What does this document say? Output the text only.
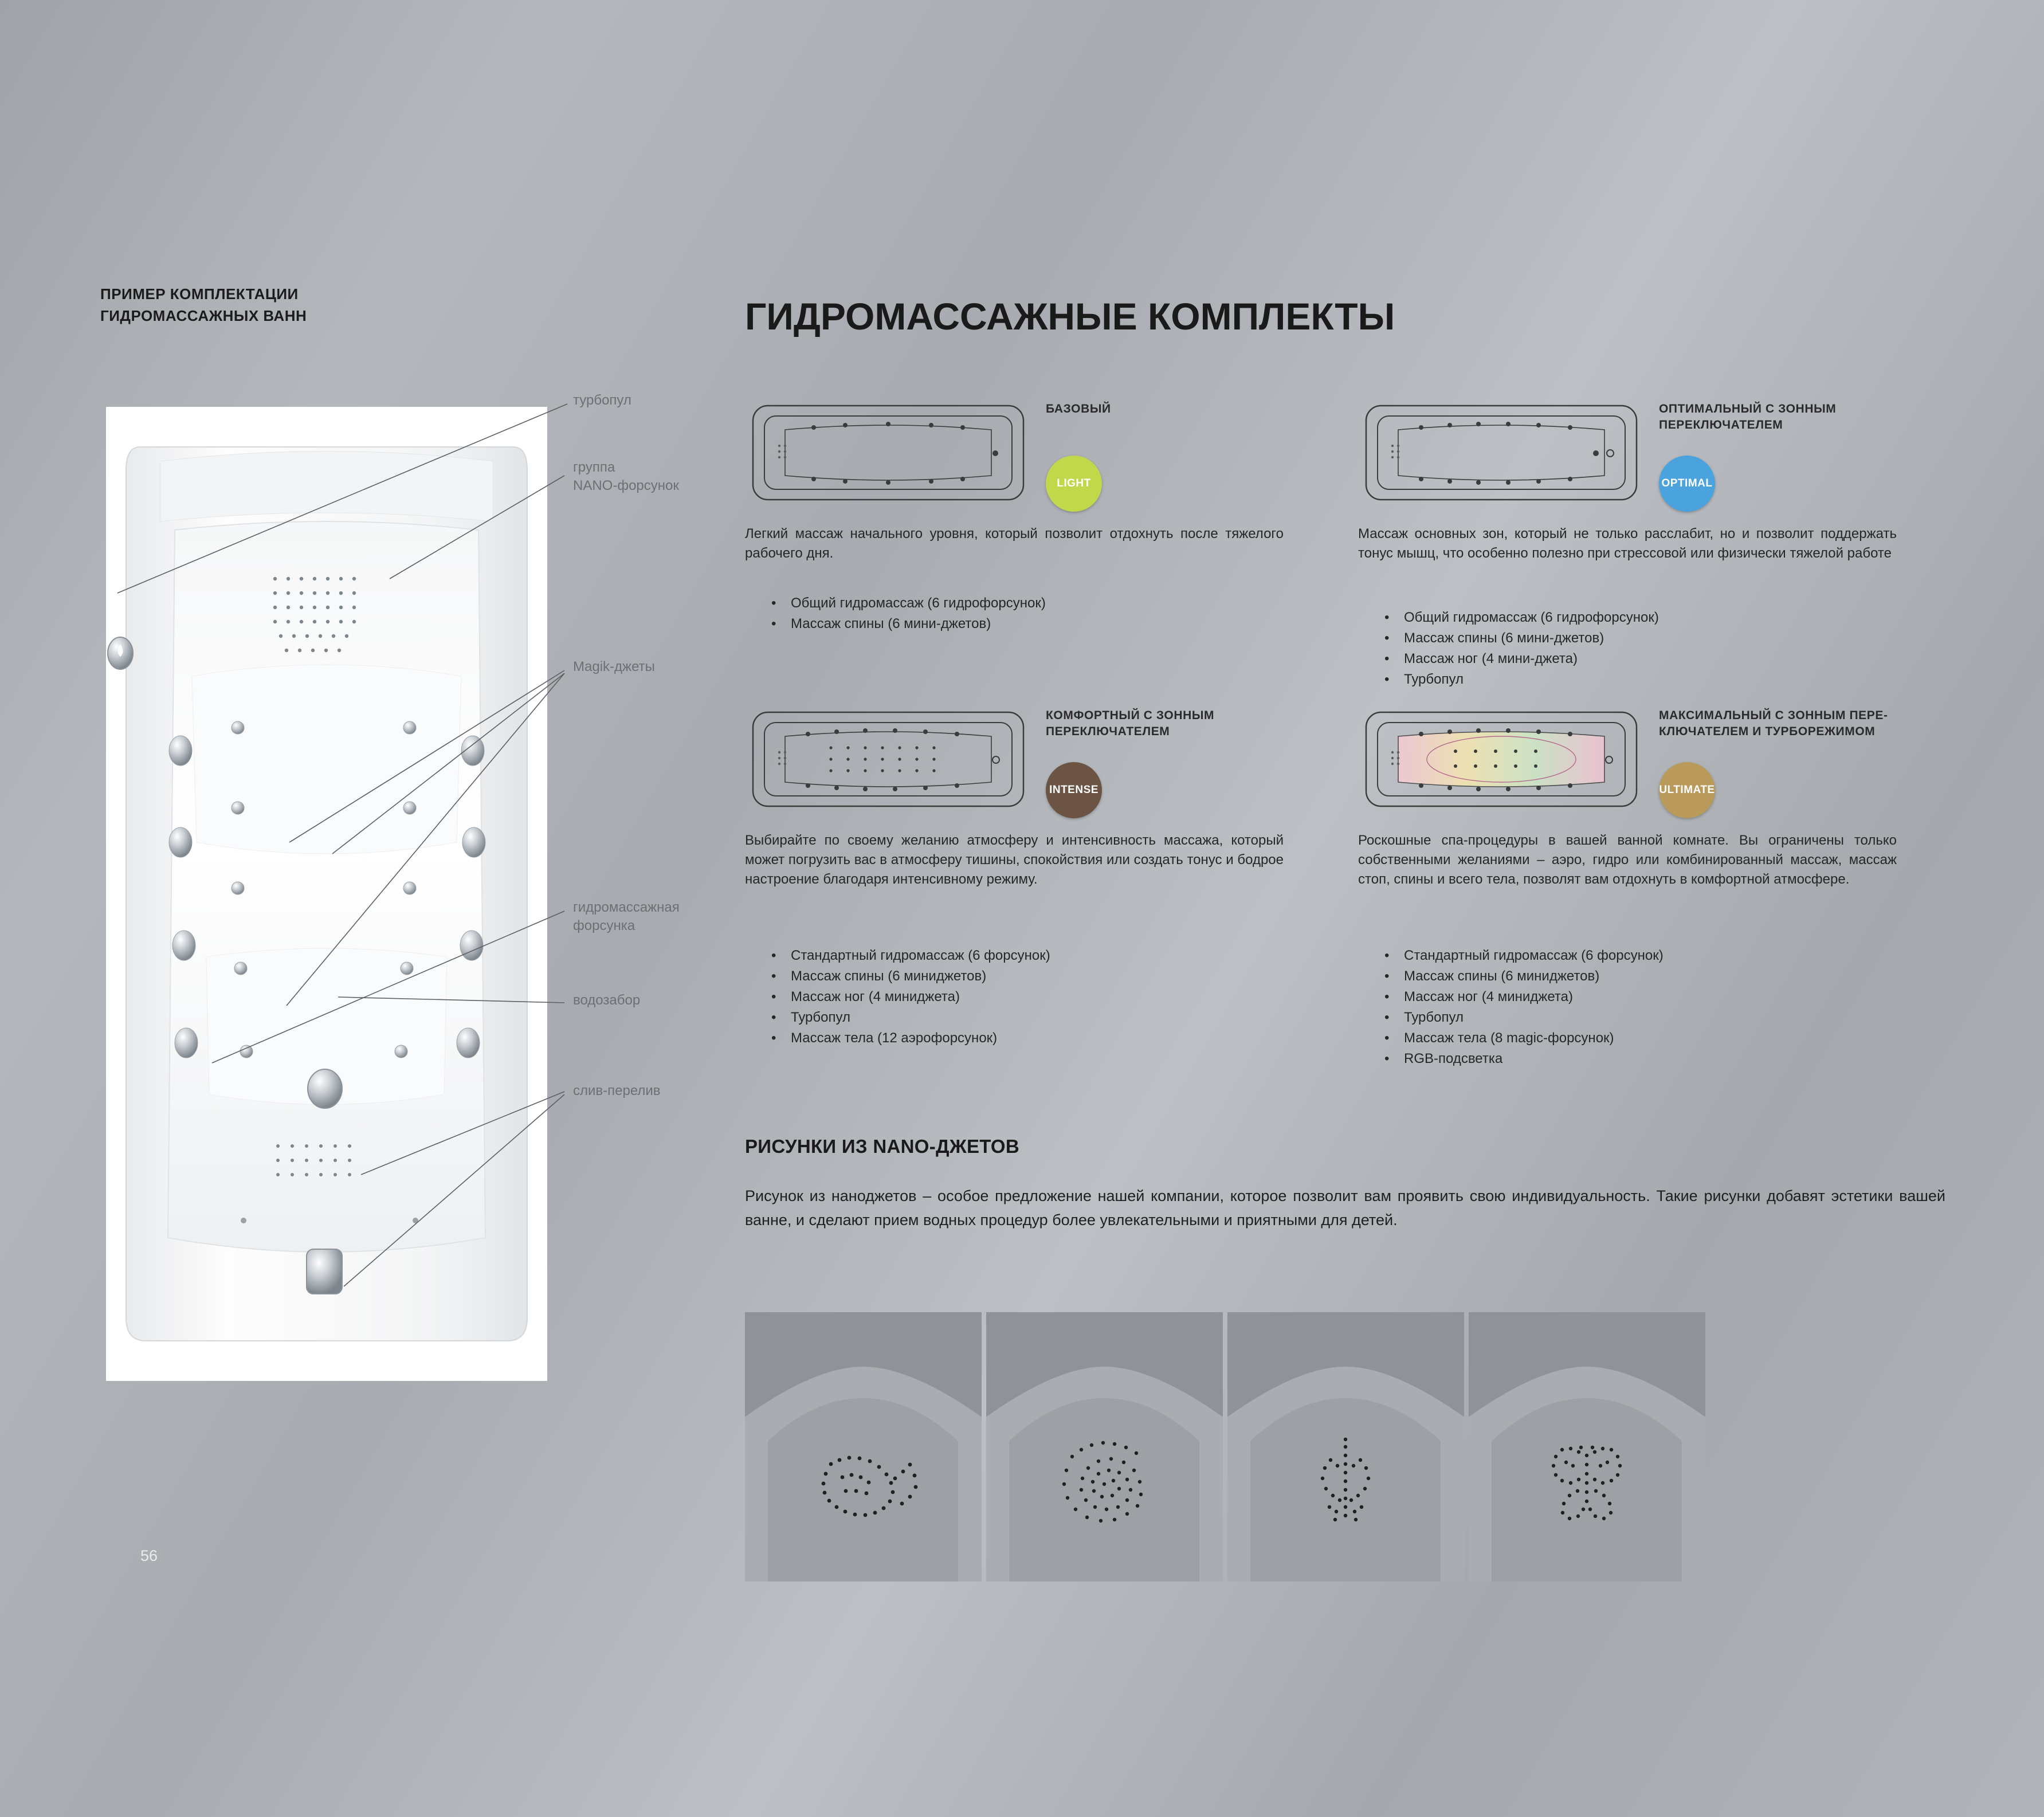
ПРИМЕР КОМПЛЕКТАЦИИ
ГИДРОМАССАЖНЫХ ВАНН
турбопул
группа
NANO-форсунок
Magik-джеты
гидромассажная
форсунка
водозабор
слив-перелив
56
ГИДРОМАССАЖНЫЕ КОМПЛЕКТЫ
БАЗОВЫЙ
LIGHT
Легкий массаж начального уровня, который позволит отдохнуть после тяжелого рабочего дня.
• Общий гидромассаж (6 гидрофорсунок)
• Массаж спины (6 мини-джетов)
ОПТИМАЛЬНЫЙ С ЗОННЫМ
ПЕРЕКЛЮЧАТЕЛЕМ
OPTIMAL
Массаж основных зон, который не только расслабит, но и позволит поддержать тонус мышц, что особенно полезно при стрессовой или физически тяжелой работе
• Общий гидромассаж (6 гидрофорсунок)
• Массаж спины (6 мини-джетов)
• Массаж ног (4 мини-джета)
• Турбопул
КОМФОРТНЫЙ С ЗОННЫМ
ПЕРЕКЛЮЧАТЕЛЕМ
INTENSE
Выбирайте по своему желанию атмосферу и интенсивность массажа, который может погрузить вас в атмосферу тишины, спокойствия или создать тонус и бодрое настроение благодаря интенсивному режиму.
• Стандартный гидромассаж (6 форсунок)
• Массаж спины (6 миниджетов)
• Массаж ног (4 миниджета)
• Турбопул
• Массаж тела (12 аэрофорсунок)
МАКСИМАЛЬНЫЙ С ЗОННЫМ ПЕРЕ-
КЛЮЧАТЕЛЕМ И ТУРБОРЕЖИМОМ
ULTIMATE
Роскошные спа-процедуры в вашей ванной комнате. Вы ограничены только собственными желаниями – аэро, гидро или комбинированный массаж, массаж стоп, спины и всего тела, позволят вам отдохнуть в комфортной атмосфере.
• Стандартный гидромассаж (6 форсунок)
• Массаж спины (6 миниджетов)
• Массаж ног (4 миниджета)
• Турбопул
• Массаж тела (8 magic-форсунок)
• RGB-подсветка
РИСУНКИ ИЗ NANO-ДЖЕТОВ

Рисунок из наноджетов – особое предложение нашей компании, которое позволит вам проявить свою индивидуальность. Такие рисунки добавят эстетики вашей ванне, и сделают прием водных процедур более увлекательными и приятными для детей.
